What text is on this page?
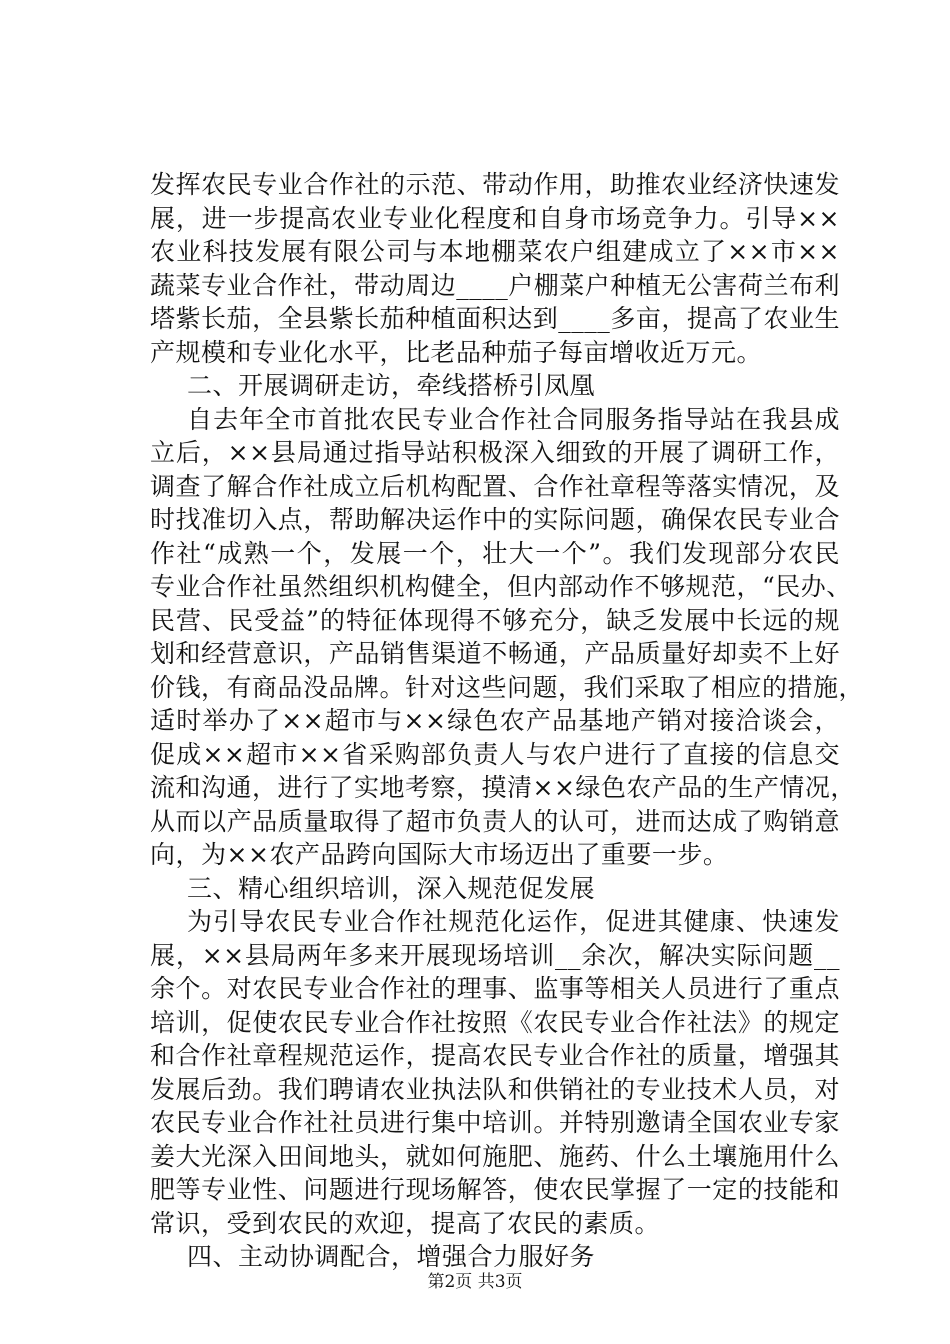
发挥农民专业合作社的示范、带动作用，助推农业经济快速发
展，进一步提高农业专业化程度和自身市场竞争力。引导××
农业科技发展有限公司与本地棚菜农户组建成立了××市××
蔬菜专业合作社，带动周边____户棚菜户种植无公害荷兰布利
塔紫长茄，全县紫长茄种植面积达到____多亩，提高了农业生
产规模和专业化水平，比老品种茄子每亩增收近万元。
二、开展调研走访，牵线搭桥引凤凰
自去年全市首批农民专业合作社合同服务指导站在我县成
立后，××县局通过指导站积极深入细致的开展了调研工作，
调查了解合作社成立后机构配置、合作社章程等落实情况，及
时找准切入点，帮助解决运作中的实际问题，确保农民专业合
作社“成熟一个，发展一个，壮大一个”。我们发现部分农民
专业合作社虽然组织机构健全，但内部动作不够规范，“民办、
民营、民受益”的特征体现得不够充分，缺乏发展中长远的规
划和经营意识，产品销售渠道不畅通，产品质量好却卖不上好
价钱，有商品没品牌。针对这些问题，我们采取了相应的措施，
适时举办了××超市与××绿色农产品基地产销对接洽谈会，
促成××超市××省采购部负责人与农户进行了直接的信息交
流和沟通，进行了实地考察，摸清××绿色农产品的生产情况，
从而以产品质量取得了超市负责人的认可，进而达成了购销意
向，为××农产品跨向国际大市场迈出了重要一步。
三、精心组织培训，深入规范促发展
为引导农民专业合作社规范化运作，促进其健康、快速发
展，××县局两年多来开展现场培训__余次，解决实际问题__
余个。对农民专业合作社的理事、监事等相关人员进行了重点
培训，促使农民专业合作社按照《农民专业合作社法》的规定
和合作社章程规范运作，提高农民专业合作社的质量，增强其
发展后劲。我们聘请农业执法队和供销社的专业技术人员，对
农民专业合作社社员进行集中培训。并特别邀请全国农业专家
姜大光深入田间地头，就如何施肥、施药、什么土壤施用什么
肥等专业性、问题进行现场解答，使农民掌握了一定的技能和
常识，受到农民的欢迎，提高了农民的素质。
四、主动协调配合，增强合力服好务
第2页 共3页
